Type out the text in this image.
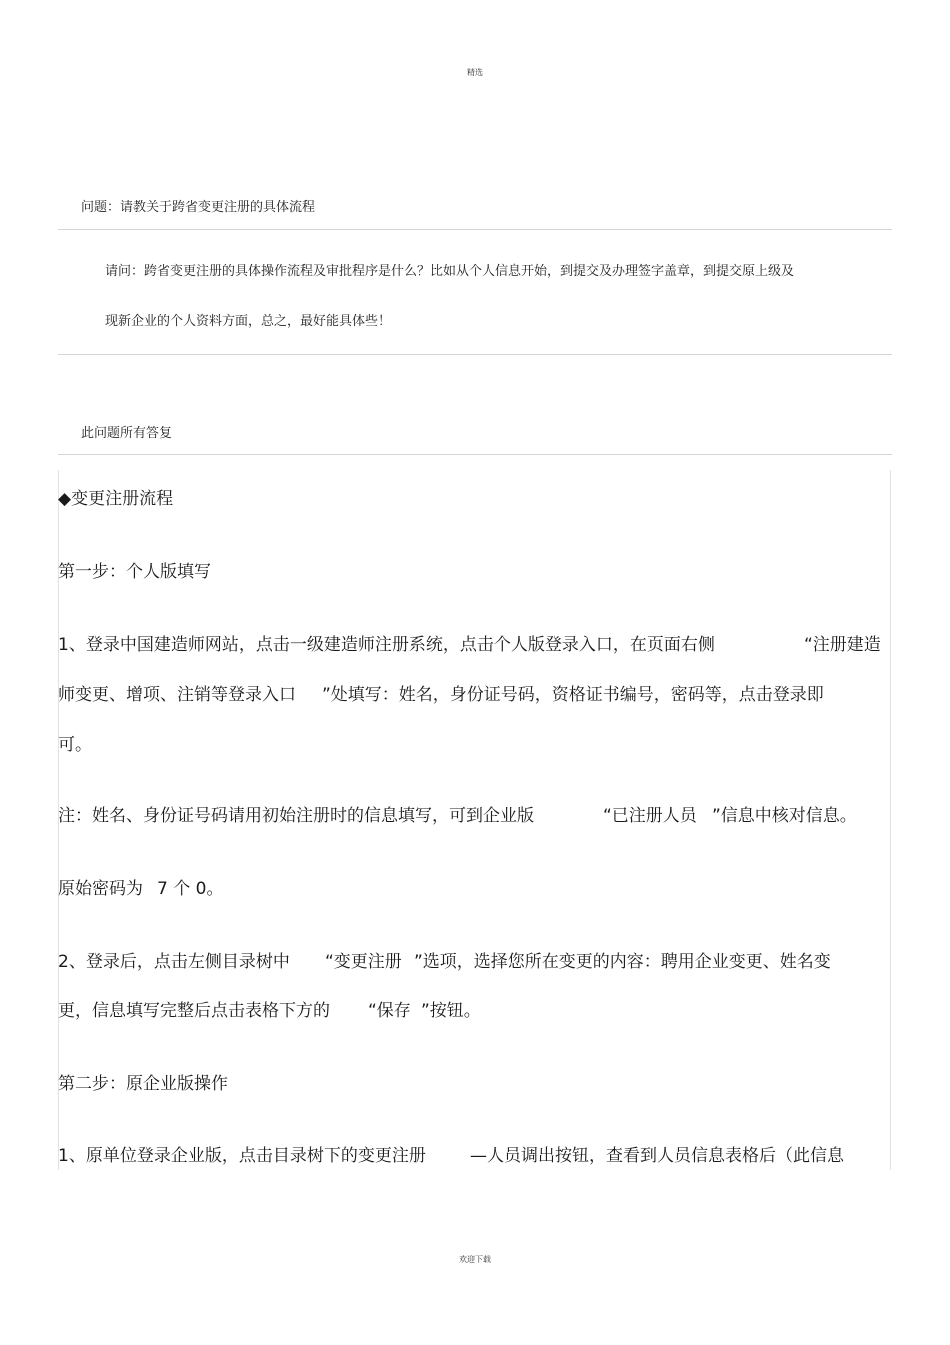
精选
问题：请教关于跨省变更注册的具体流程
请问：跨省变更注册的具体操作流程及审批程序是什么？比如从个人信息开始，到提交及办理签字盖章，到提交原上级及
现新企业的个人资料方面，总之，最好能具体些！
此问题所有答复
◆变更注册流程
第一步：个人版填写
1、登录中国建造师网站，点击一级建造师注册系统，点击个人版登录入口，在页面右侧	“注册建造
师变更、增项、注销等登录入口 ”处填写：姓名，身份证号码，资格证书编号，密码等，点击登录即
可。
注：姓名、身份证号码请用初始注册时的信息填写，可到企业版	“已注册人员 ”信息中核对信息。
原始密码为 7 个 0。
2、登录后，点击左侧目录树中 “变更注册 ”选项，选择您所在变更的内容：聘用企业变更、姓名变
更，信息填写完整后点击表格下方的 “保存 ”按钮。
第二步：原企业版操作
1、原单位登录企业版，点击目录树下的变更注册	—人员调出按钮，查看到人员信息表格后（此信息
欢迎下载
